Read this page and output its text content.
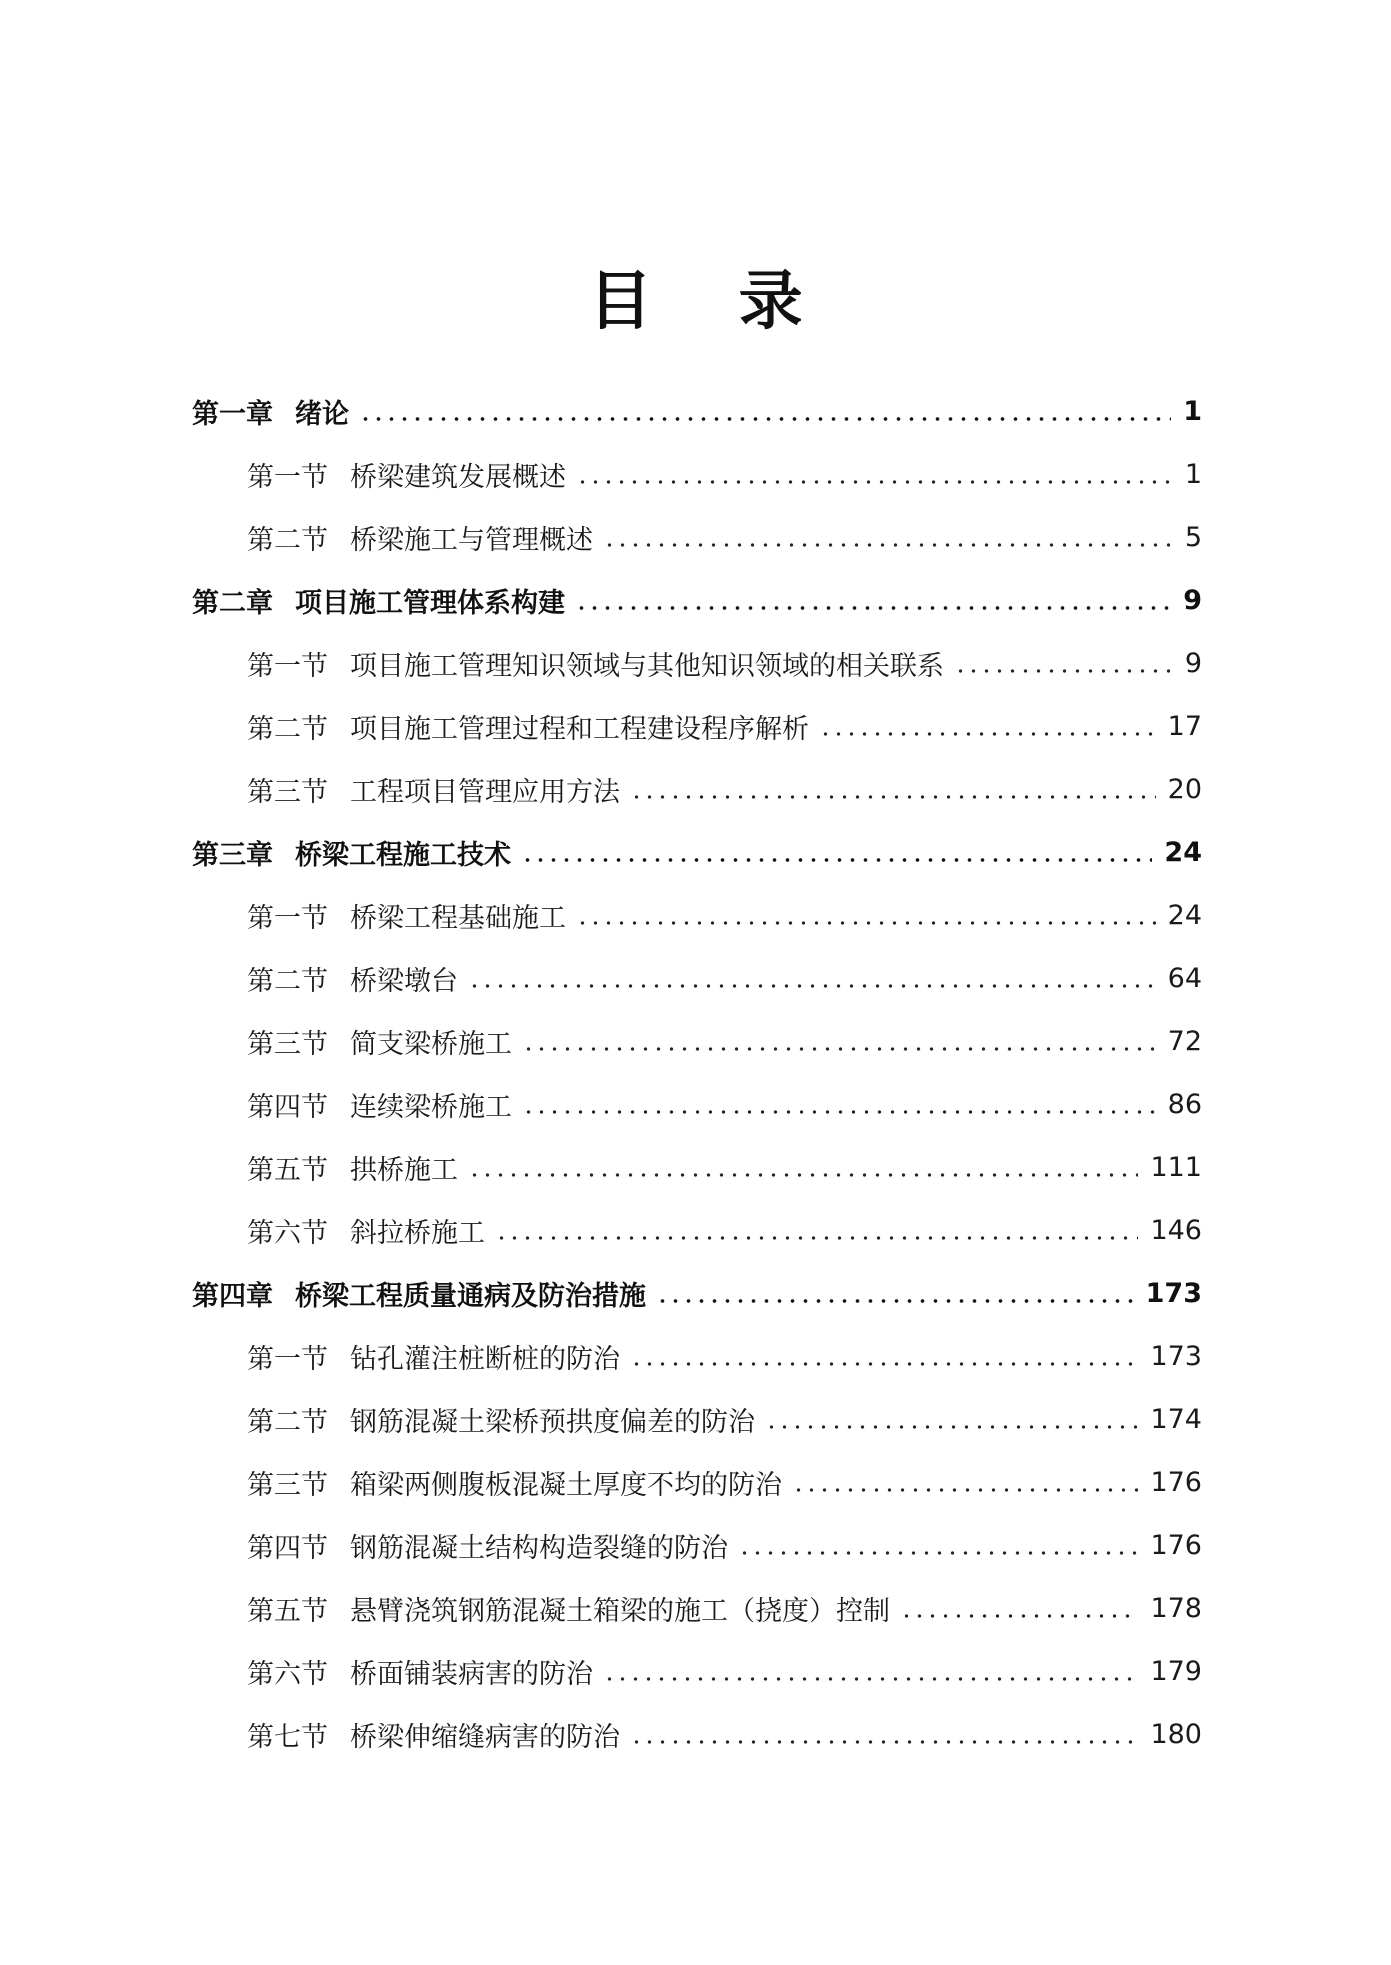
目 录
第一章 绪论	1
第一节 桥梁建筑发展概述	1
第二节 桥梁施工与管理概述	5
第二章 项目施工管理体系构建	9
第一节 项目施工管理知识领域与其他知识领域的相关联系	9
第二节 项目施工管理过程和工程建设程序解析	17
第三节 工程项目管理应用方法	20
第三章 桥梁工程施工技术	24
第一节 桥梁工程基础施工	24
第二节 桥梁墩台	64
第三节 简支梁桥施工	72
第四节 连续梁桥施工	86
第五节 拱桥施工	111
第六节 斜拉桥施工	146
第四章 桥梁工程质量通病及防治措施	173
第一节 钻孔灌注桩断桩的防治	173
第二节 钢筋混凝土梁桥预拱度偏差的防治	174
第三节 箱梁两侧腹板混凝土厚度不均的防治	176
第四节 钢筋混凝土结构构造裂缝的防治	176
第五节 悬臂浇筑钢筋混凝土箱梁的施工（挠度）控制	178
第六节 桥面铺装病害的防治	179
第七节 桥梁伸缩缝病害的防治	180
